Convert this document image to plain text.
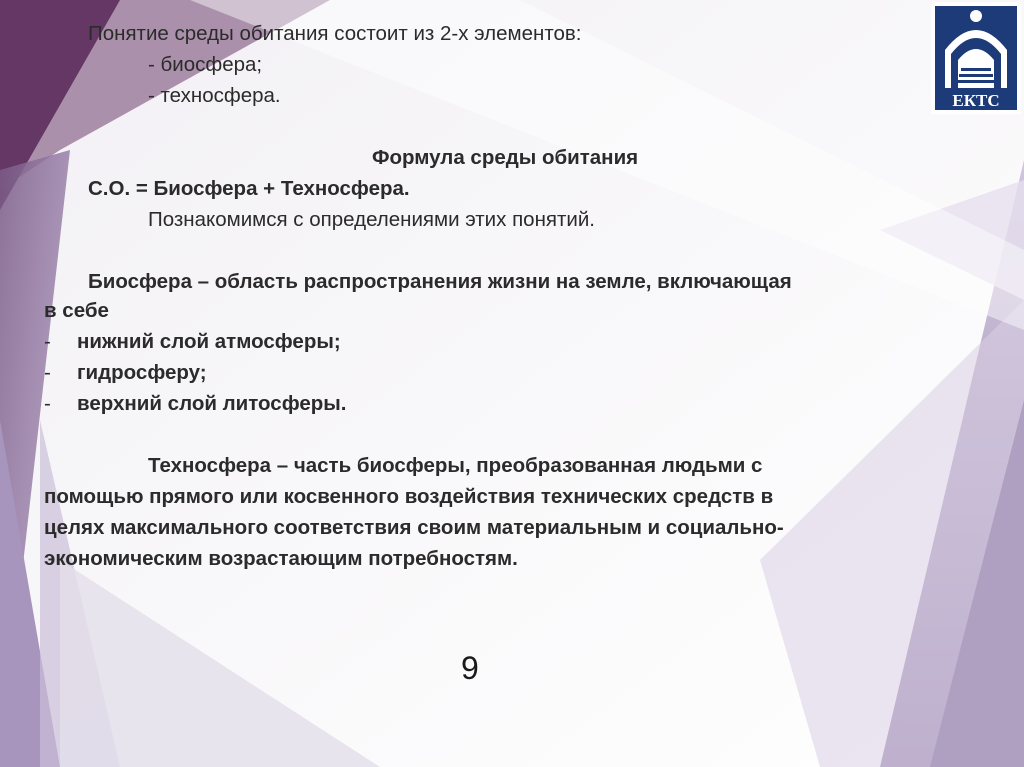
ЕКТС
Понятие среды обитания состоит из 2-х элементов:
- биосфера;
- техносфера.
Формула среды обитания
С.О. = Биосфера + Техносфера.
Познакомимся с определениями этих понятий.
Биосфера – область распространения жизни на земле, включающая
в себе
- нижний слой атмосферы;
- гидросферу;
- верхний слой литосферы.
Техносфера – часть биосферы, преобразованная людьми с
помощью прямого или косвенного воздействия технических средств в
целях максимального соответствия своим материальным и социально-
экономическим возрастающим потребностям.
9
